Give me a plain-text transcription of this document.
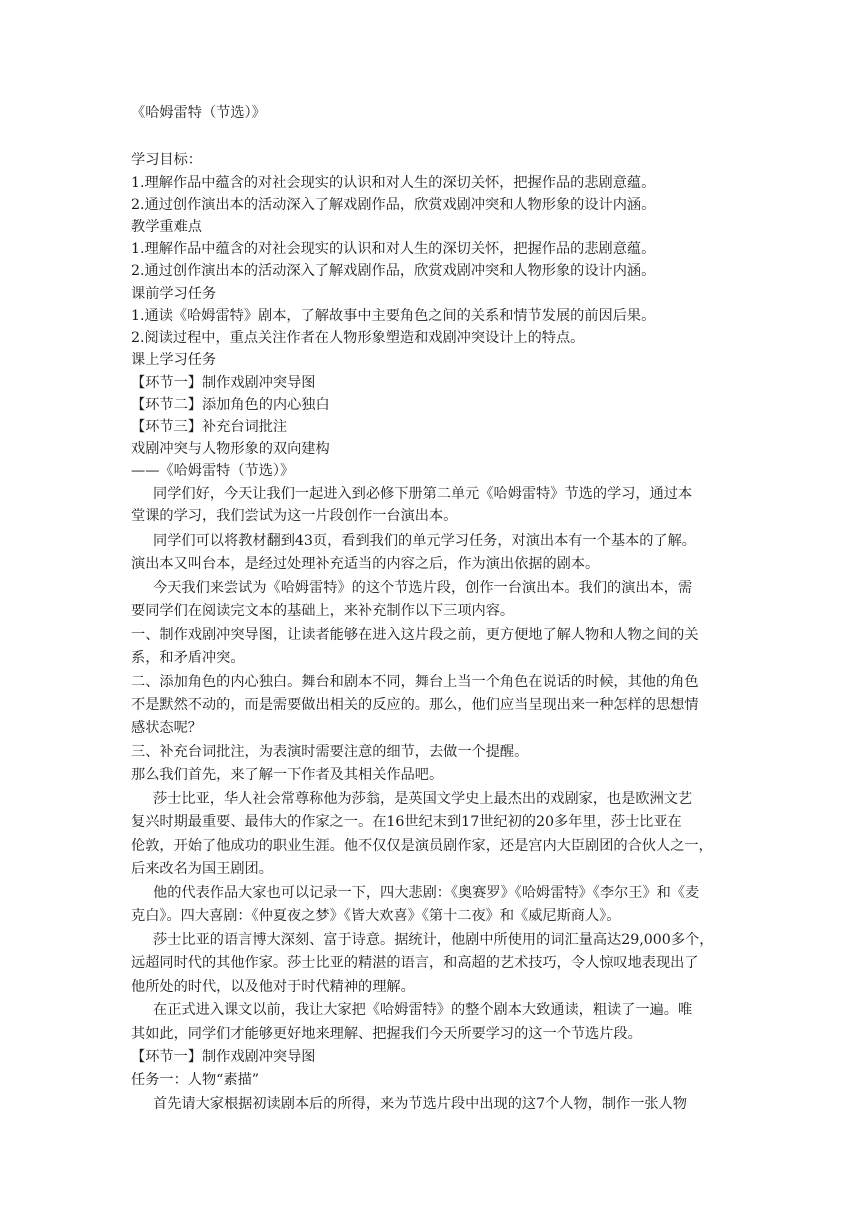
《哈姆雷特（节选）》
学习目标：
1.理解作品中蕴含的对社会现实的认识和对人生的深切关怀，把握作品的悲剧意蕴。
2.通过创作演出本的活动深入了解戏剧作品，欣赏戏剧冲突和人物形象的设计内涵。
教学重难点
1.理解作品中蕴含的对社会现实的认识和对人生的深切关怀，把握作品的悲剧意蕴。
2.通过创作演出本的活动深入了解戏剧作品，欣赏戏剧冲突和人物形象的设计内涵。
课前学习任务
1.通读《哈姆雷特》剧本，了解故事中主要角色之间的关系和情节发展的前因后果。
2.阅读过程中，重点关注作者在人物形象塑造和戏剧冲突设计上的特点。
课上学习任务
【环节一】制作戏剧冲突导图
【环节二】添加角色的内心独白
【环节三】补充台词批注
戏剧冲突与人物形象的双向建构
——《哈姆雷特（节选）》
同学们好，今天让我们一起进入到必修下册第二单元《哈姆雷特》节选的学习，通过本
堂课的学习，我们尝试为这一片段创作一台演出本。
同学们可以将教材翻到43页，看到我们的单元学习任务，对演出本有一个基本的了解。
演出本又叫台本，是经过处理补充适当的内容之后，作为演出依据的剧本。
今天我们来尝试为《哈姆雷特》的这个节选片段，创作一台演出本。我们的演出本，需
要同学们在阅读完文本的基础上，来补充制作以下三项内容。
一、制作戏剧冲突导图，让读者能够在进入这片段之前，更方便地了解人物和人物之间的关
系，和矛盾冲突。
二、添加角色的内心独白。舞台和剧本不同，舞台上当一个角色在说话的时候，其他的角色
不是默然不动的，而是需要做出相关的反应的。那么，他们应当呈现出来一种怎样的思想情
感状态呢？
三、补充台词批注，为表演时需要注意的细节，去做一个提醒。
那么我们首先，来了解一下作者及其相关作品吧。
莎士比亚，华人社会常尊称他为莎翁，是英国文学史上最杰出的戏剧家，也是欧洲文艺
复兴时期最重要、最伟大的作家之一。在16世纪末到17世纪初的20多年里，莎士比亚在
伦敦，开始了他成功的职业生涯。他不仅仅是演员剧作家，还是宫内大臣剧团的合伙人之一，
后来改名为国王剧团。
他的代表作品大家也可以记录一下，四大悲剧：《奥赛罗》《哈姆雷特》《李尔王》和《麦
克白》。四大喜剧：《仲夏夜之梦》《皆大欢喜》《第十二夜》和《威尼斯商人》。
莎士比亚的语言博大深刻、富于诗意。据统计，他剧中所使用的词汇量高达29,000多个，
远超同时代的其他作家。莎士比亚的精湛的语言，和高超的艺术技巧，令人惊叹地表现出了
他所处的时代，以及他对于时代精神的理解。
在正式进入课文以前，我让大家把《哈姆雷特》的整个剧本大致通读，粗读了一遍。唯
其如此，同学们才能够更好地来理解、把握我们今天所要学习的这一个节选片段。
【环节一】制作戏剧冲突导图
任务一：人物“素描”
首先请大家根据初读剧本后的所得，来为节选片段中出现的这7个人物，制作一张人物
